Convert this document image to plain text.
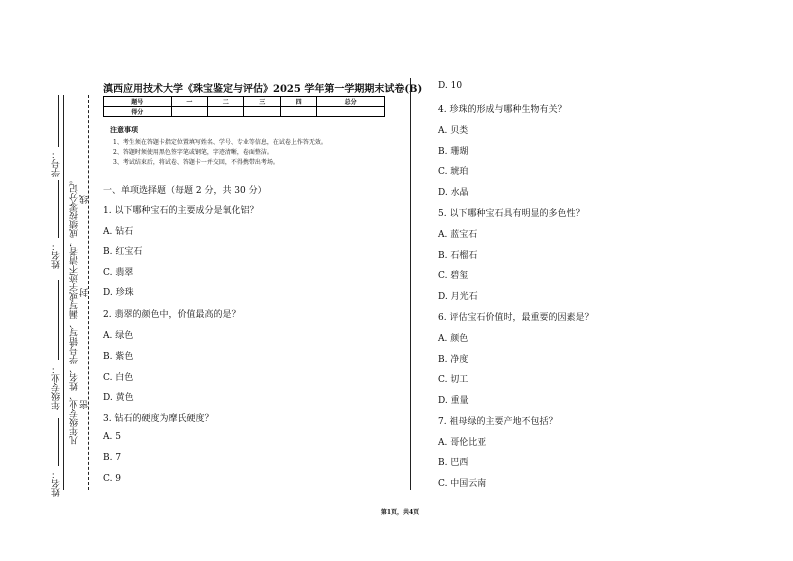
学号：
姓名：
年级专业：
姓名：
凡年级专业、姓名、学号错写、漏写或字迹不清者，成绩按零分记。 密
封
线
滇西应用技术大学《珠宝鉴定与评估》2025 学年第一学期期末试卷(B)
题号	一	二	三	四	总分
得分					
注意事项
1、考生须在答题卡指定位置填写姓名、学号、专业等信息，在试卷上作答无效。
2、答题时须使用黑色签字笔或钢笔，字迹清晰，卷面整洁。
3、考试结束后，将试卷、答题卡一并交回，不得携带出考场。
一、单项选择题（每题 2 分，共 30 分）
1. 以下哪种宝石的主要成分是氧化铝？
A. 钻石
B. 红宝石
C. 翡翠
D. 珍珠
2. 翡翠的颜色中，价值最高的是？
A. 绿色
B. 紫色
C. 白色
D. 黄色
3. 钻石的硬度为摩氏硬度？
A. 5
B. 7
C. 9
D. 10
4. 珍珠的形成与哪种生物有关？
A. 贝类
B. 珊瑚
C. 琥珀
D. 水晶
5. 以下哪种宝石具有明显的多色性？
A. 蓝宝石
B. 石榴石
C. 碧玺
D. 月光石
6. 评估宝石价值时，最重要的因素是？
A. 颜色
B. 净度
C. 切工
D. 重量
7. 祖母绿的主要产地不包括？
A. 哥伦比亚
B. 巴西
C. 中国云南
第1页，共4页
